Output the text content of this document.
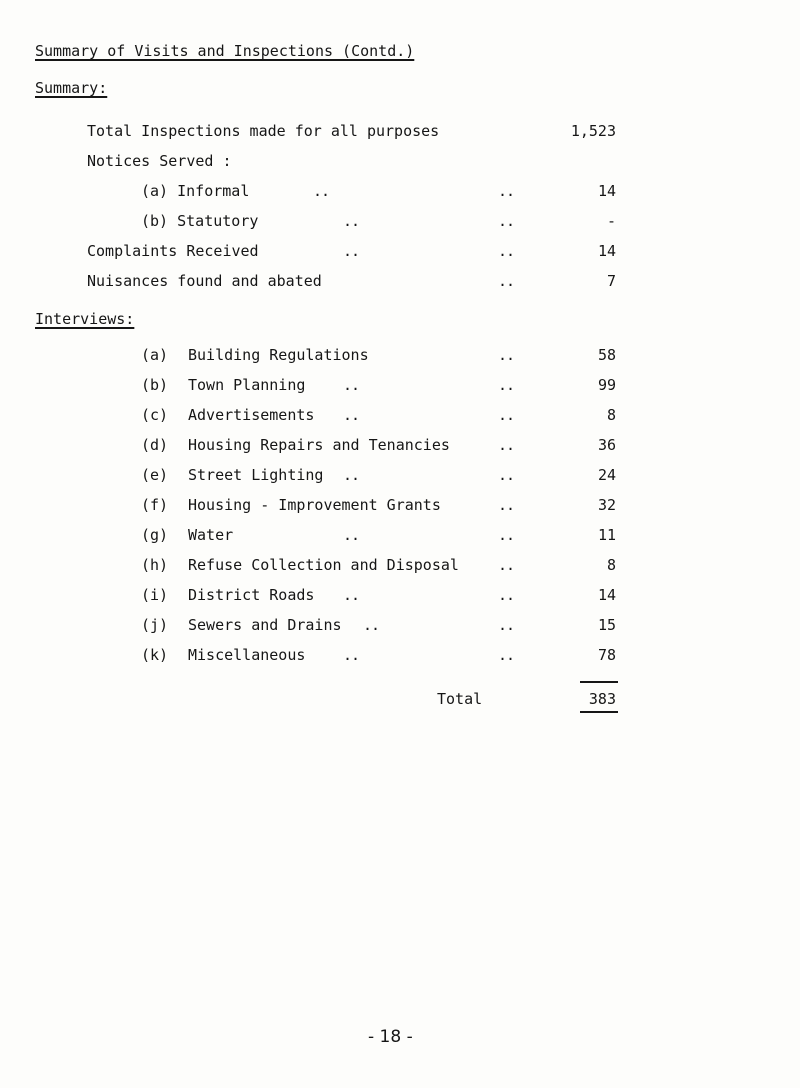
Summary of Visits and Inspections (Contd.)
Summary:
Total Inspections made for all purposes	1,523
Notices Served :
(a) Informal	..	..	14
(b) Statutory	..	..	-
Complaints Received	..	..	14
Nuisances found and abated	..	7
Interviews:
(a) Building Regulations	..	58
(b) Town Planning	..	..	99
(c) Advertisements ..	..	8
(d) Housing Repairs and Tenancies	..	36
(e) Street Lighting ..	..	24
(f) Housing - Improvement Grants	..	32
(g) Water	..	..	11
(h) Refuse Collection and Disposal	..	8
(i) District Roads ..	..	14
(j) Sewers and Drains ..	..	15
(k) Miscellaneous	..	..	78
Total	383
- 18 -
